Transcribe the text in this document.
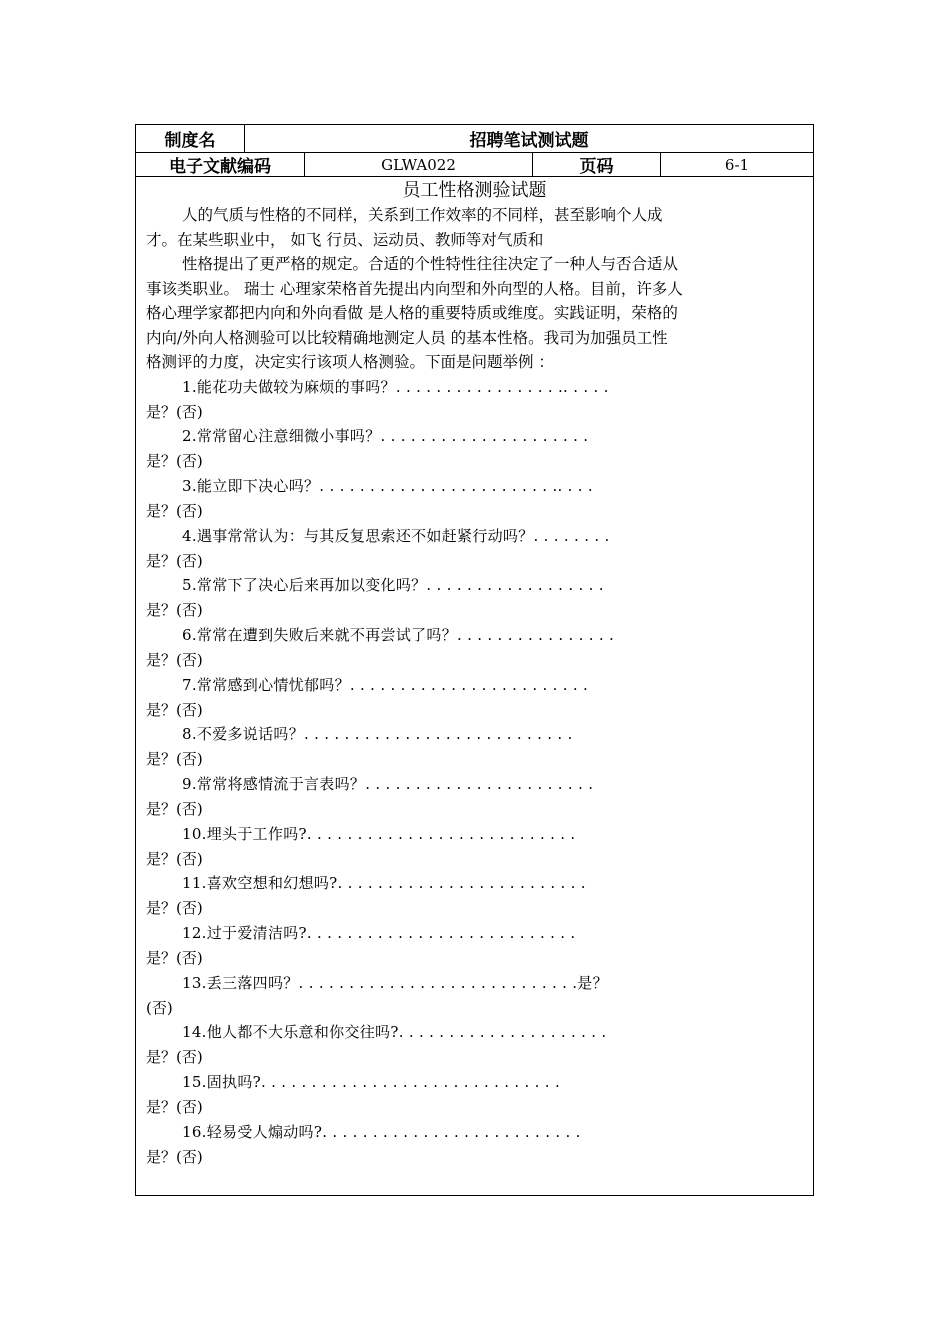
制度名	招聘笔试测试题
电子文献编码	GLWA022	页码	6-1
员工性格测验试题
人的气质与性格的不同样，关系到工作效率的不同样，甚至影响个人成
才。在某些职业中， 如飞 行员、运动员、教师等对气质和
性格提出了更严格的规定。合适的个性特性往往决定了一种人与否合适从
事该类职业。 瑞士 心理家荣格首先提出内向型和外向型的人格。目前，许多人
格心理学家都把内向和外向看做 是人格的重要特质或维度。实践证明，荣格的
内向/外向人格测验可以比较精确地测定人员 的基本性格。我司为加强员工性
格测评的力度，决定实行该项人格测验。下面是问题举例 ：
1.能花功夫做较为麻烦的事吗？. . . . . . . . . . . . . . . . .. . . . .
是？(否)
2.常常留心注意细微小事吗？. . . . . . . . . . . . . . . . . . . . .
是？(否)
3.能立即下决心吗？. . . . . . . . . . . . . . . . . . . . . . . .. . . .
是？(否)
4.遇事常常认为：与其反复思索还不如赶紧行动吗？. . . . . . . .
是？(否)
5.常常下了决心后来再加以变化吗？. . . . . . . . . . . . . . . . . .
是？(否)
6.常常在遭到失败后来就不再尝试了吗？. . . . . . . . . . . . . . . .
是？(否)
7.常常感到心情忧郁吗？. . . . . . . . . . . . . . . . . . . . . . . .
是？(否)
8.不爱多说话吗？. . . . . . . . . . . . . . . . . . . . . . . . . . .
是？(否)
9.常常将感情流于言表吗？. . . . . . . . . . . . . . . . . . . . . . .
是？(否)
10.埋头于工作吗?. . . . . . . . . . . . . . . . . . . . . . . . . . .
是？(否)
11.喜欢空想和幻想吗?. . . . . . . . . . . . . . . . . . . . . . . . .
是？(否)
12.过于爱清洁吗?. . . . . . . . . . . . . . . . . . . . . . . . . . .
是？(否)
13.丢三落四吗？. . . . . . . . . . . . . . . . . . . . . . . . . . . .是？
(否)
14.他人都不大乐意和你交往吗?. . . . . . . . . . . . . . . . . . . . .
是？(否)
15.固执吗?. . . . . . . . . . . . . . . . . . . . . . . . . . . . . .
是？(否)
16.轻易受人煽动吗?. . . . . . . . . . . . . . . . . . . . . . . . . .
是？(否)
